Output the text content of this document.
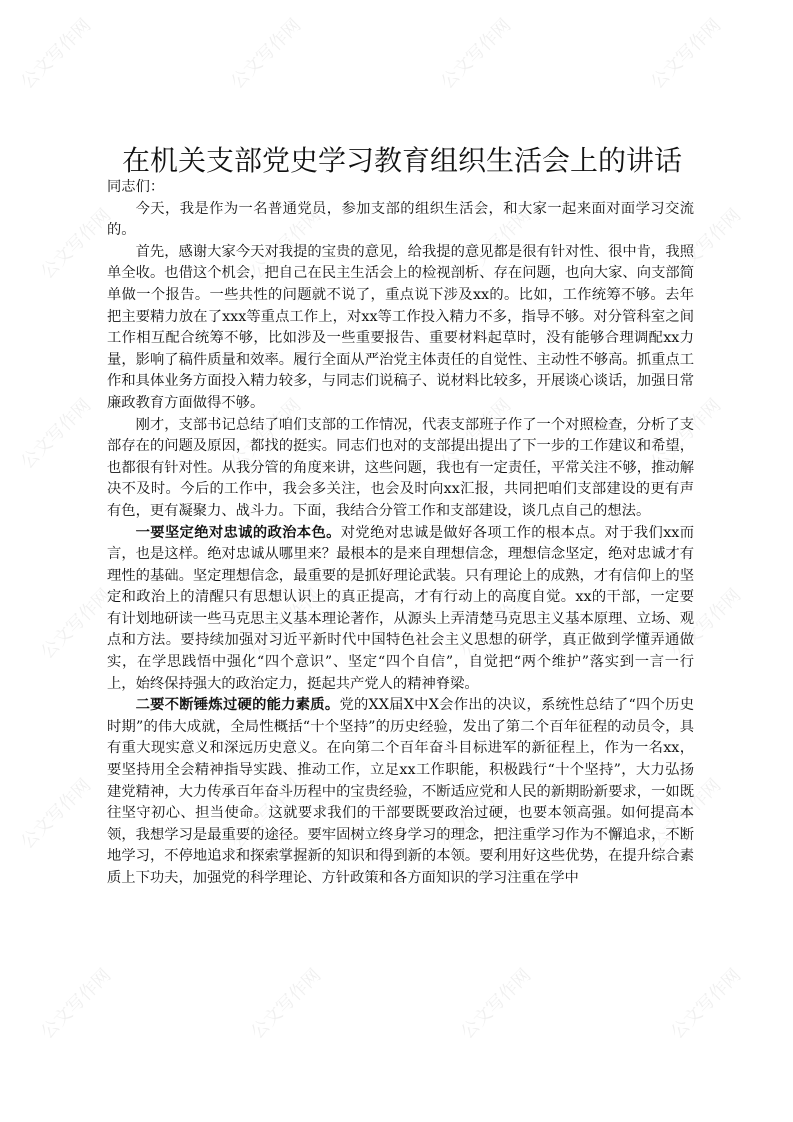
公文写作网	公文写作网	公文写作网	公文写作网
公文写作网	公文写作网	公文写作网	公文写作网
公文写作网	公文写作网	公文写作网	公文写作网
公文写作网	公文写作网	公文写作网	公文写作网
公文写作网	公文写作网	公文写作网	公文写作网
公文写作网	公文写作网	公文写作网	公文写作网
在机关支部党史学习教育组织生活会上的讲话

同志们：

今天，我是作为一名普通党员，参加支部的组织生活会，和大家一起来面对面学习交流的。

首先，感谢大家今天对我提的宝贵的意见，给我提的意见都是很有针对性、很中肯，我照单全收。也借这个机会，把自己在民主生活会上的检视剖析、存在问题，也向大家、向支部简单做一个报告。一些共性的问题就不说了，重点说下涉及xx的。比如，工作统筹不够。去年把主要精力放在了xxx等重点工作上，对xx等工作投入精力不多，指导不够。对分管科室之间工作相互配合统筹不够，比如涉及一些重要报告、重要材料起草时，没有能够合理调配xx力量，影响了稿件质量和效率。履行全面从严治党主体责任的自觉性、主动性不够高。抓重点工作和具体业务方面投入精力较多，与同志们说稿子、说材料比较多，开展谈心谈话，加强日常廉政教育方面做得不够。

刚才，支部书记总结了咱们支部的工作情况，代表支部班子作了一个对照检查，分析了支部存在的问题及原因，都找的挺实。同志们也对的支部提出提出了下一步的工作建议和希望，也都很有针对性。从我分管的角度来讲，这些问题，我也有一定责任，平常关注不够，推动解决不及时。今后的工作中，我会多关注，也会及时向xx汇报，共同把咱们支部建设的更有声有色，更有凝聚力、战斗力。下面，我结合分管工作和支部建设，谈几点自己的想法。

一要坚定绝对忠诚的政治本色。对党绝对忠诚是做好各项工作的根本点。对于我们xx而言，也是这样。绝对忠诚从哪里来？最根本的是来自理想信念，理想信念坚定，绝对忠诚才有理性的基础。坚定理想信念，最重要的是抓好理论武装。只有理论上的成熟，才有信仰上的坚定和政治上的清醒只有思想认识上的真正提高，才有行动上的高度自觉。xx的干部，一定要有计划地研读一些马克思主义基本理论著作，从源头上弄清楚马克思主义基本原理、立场、观点和方法。要持续加强对习近平新时代中国特色社会主义思想的研学，真正做到学懂弄通做实，在学思践悟中强化“四个意识”、坚定“四个自信”，自觉把“两个维护”落实到一言一行上，始终保持强大的政治定力，挺起共产党人的精神脊梁。

二要不断锤炼过硬的能力素质。党的XX届X中X会作出的决议，系统性总结了“四个历史时期”的伟大成就，全局性概括“十个坚持”的历史经验，发出了第二个百年征程的动员令，具有重大现实意义和深远历史意义。在向第二个百年奋斗目标进军的新征程上，作为一名xx，要坚持用全会精神指导实践、推动工作，立足xx工作职能，积极践行“十个坚持”，大力弘扬建党精神，大力传承百年奋斗历程中的宝贵经验，不断适应党和人民的新期盼新要求，一如既往坚守初心、担当使命。这就要求我们的干部要既要政治过硬，也要本领高强。如何提高本领，我想学习是最重要的途径。要牢固树立终身学习的理念，把注重学习作为不懈追求，不断地学习，不停地追求和探索掌握新的知识和得到新的本领。要利用好这些优势，在提升综合素质上下功夫，加强党的科学理论、方针政策和各方面知识的学习注重在学中
